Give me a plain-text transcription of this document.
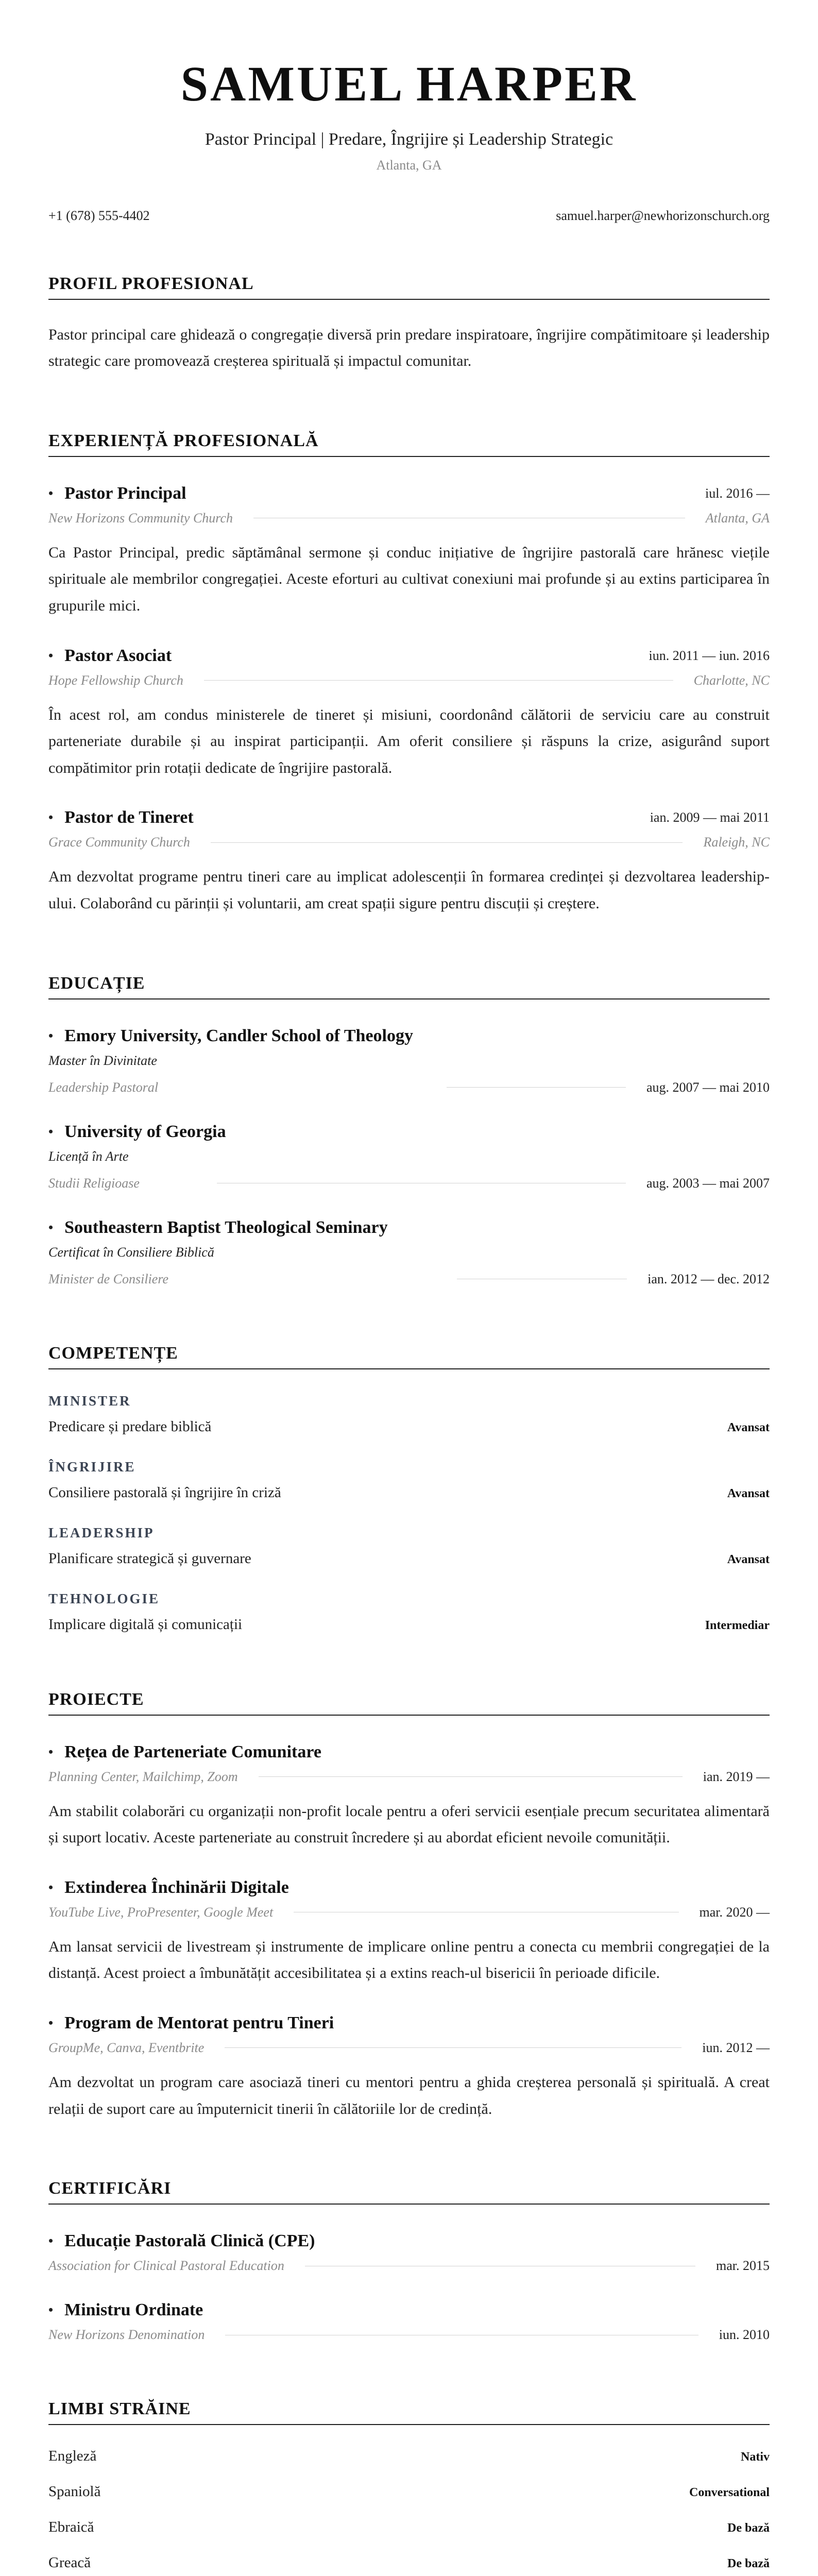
SAMUEL HARPER
Pastor Principal | Predare, Îngrijire și Leadership Strategic
Atlanta, GA
+1 (678) 555-4402	samuel.harper@newhorizonschurch.org
PROFIL PROFESIONAL

Pastor principal care ghidează o congregație diversă prin predare inspiratoare, îngrijire compătimitoare și leadership strategic care promovează creșterea spirituală și impactul comunitar.

EXPERIENȚĂ PROFESIONALĂ
• Pastor Principal	iul. 2016 —
New Horizons Community Church	Atlanta, GA

Ca Pastor Principal, predic săptămânal sermone și conduc inițiative de îngrijire pastorală care hrănesc viețile spirituale ale membrilor congregației. Aceste eforturi au cultivat conexiuni mai profunde și au extins participarea în grupurile mici.

• Pastor Asociat	iun. 2011 — iun. 2016
Hope Fellowship Church	Charlotte, NC

În acest rol, am condus ministerele de tineret și misiuni, coordonând călătorii de serviciu care au construit parteneriate durabile și au inspirat participanții. Am oferit consiliere și răspuns la crize, asigurând suport compătimitor prin rotații dedicate de îngrijire pastorală.

• Pastor de Tineret	ian. 2009 — mai 2011
Grace Community Church	Raleigh, NC

Am dezvoltat programe pentru tineri care au implicat adolescenții în formarea credinței și dezvoltarea leadership-ului. Colaborând cu părinții și voluntarii, am creat spații sigure pentru discuții și creștere.

EDUCAȚIE
• Emory University, Candler School of Theology
Master în Divinitate
Leadership Pastoral	aug. 2007 — mai 2010
• University of Georgia
Licență în Arte
Studii Religioase	aug. 2003 — mai 2007
• Southeastern Baptist Theological Seminary
Certificat în Consiliere Biblică
Minister de Consiliere	ian. 2012 — dec. 2012
COMPETENȚE
MINISTER
Predicare și predare biblică	Avansat
ÎNGRIJIRE
Consiliere pastorală și îngrijire în criză	Avansat
LEADERSHIP
Planificare strategică și guvernare	Avansat
TEHNOLOGIE
Implicare digitală și comunicații	Intermediar
PROIECTE
• Rețea de Parteneriate Comunitare
Planning Center, Mailchimp, Zoom	ian. 2019 —

Am stabilit colaborări cu organizații non-profit locale pentru a oferi servicii esențiale precum securitatea alimentară și suport locativ. Aceste parteneriate au construit încredere și au abordat eficient nevoile comunității.

• Extinderea Închinării Digitale
YouTube Live, ProPresenter, Google Meet	mar. 2020 —

Am lansat servicii de livestream și instrumente de implicare online pentru a conecta cu membrii congregației de la distanță. Acest proiect a îmbunătățit accesibilitatea și a extins reach-ul bisericii în perioade dificile.

• Program de Mentorat pentru Tineri
GroupMe, Canva, Eventbrite	iun. 2012 —

Am dezvoltat un program care asociază tineri cu mentori pentru a ghida creșterea personală și spirituală. A creat relații de suport care au împuternicit tinerii în călătoriile lor de credință.

CERTIFICĂRI
• Educație Pastorală Clinică (CPE)
Association for Clinical Pastoral Education	mar. 2015
• Ministru Ordinate
New Horizons Denomination	iun. 2010
LIMBI STRĂINE
Engleză	Nativ
Spaniolă	Conversational
Ebraică	De bază
Greacă	De bază
